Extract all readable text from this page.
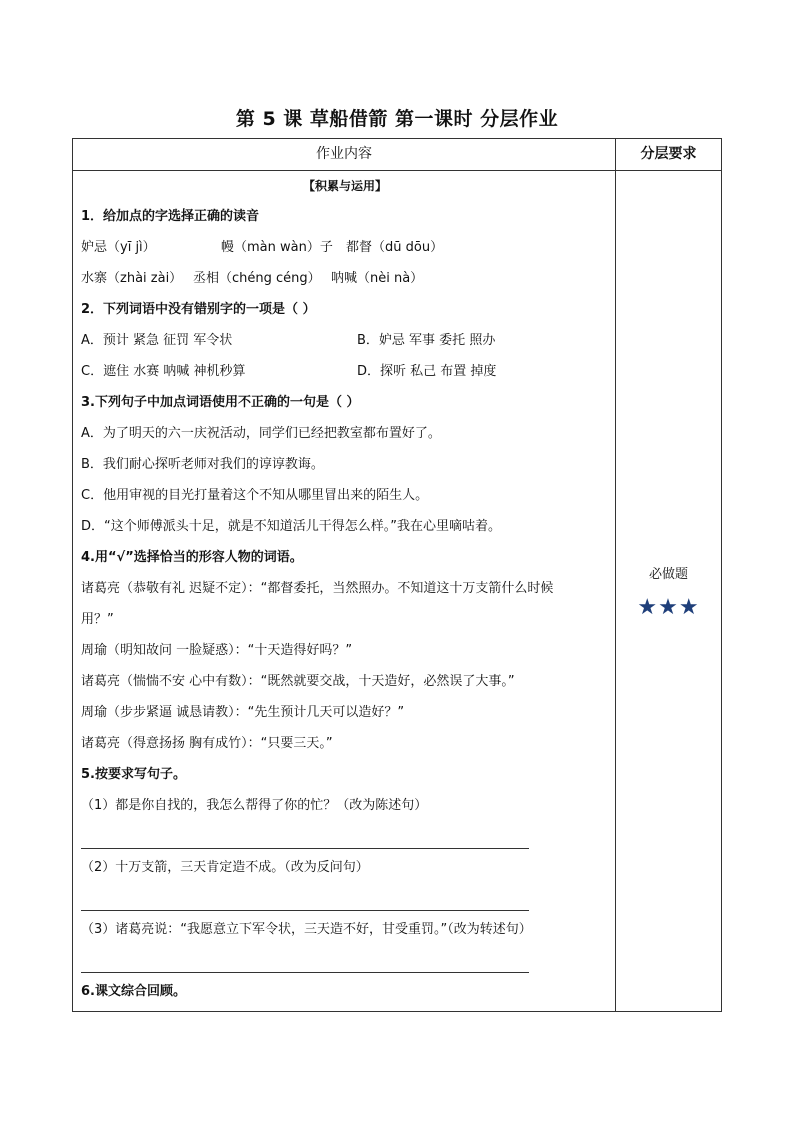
第 5 课 草船借箭 第一课时 分层作业
作业内容	分层要求
【积累与运用】
1．给加点的字选择正确的读音
妒忌（yī jì）	幔（màn wàn）子 都督（dū dōu）
水寨（zhài zài） 丞相（chéng céng） 呐喊（nèi nà）
2．下列词语中没有错别字的一项是（ ）
A．预计 紧急 征罚 军令状	B．妒忌 军事 委托 照办
C．遮住 水赛 呐喊 神机秒算	D．探听 私己 布置 掉度
3.下列句子中加点词语使用不正确的一句是（ ）
A．为了明天的六一庆祝活动，同学们已经把教室都布置好了。
B．我们耐心探听老师对我们的谆谆教诲。
C．他用审视的目光打量着这个不知从哪里冒出来的陌生人。
D．“这个师傅派头十足，就是不知道活儿干得怎么样。”我在心里嘀咕着。
4.用“√”选择恰当的形容人物的词语。
诸葛亮（恭敬有礼 迟疑不定）：“都督委托，当然照办。不知道这十万支箭什么时候
用？”
周瑜（明知故问 一脸疑惑）：“十天造得好吗？”
诸葛亮（惴惴不安 心中有数）：“既然就要交战，十天造好，必然误了大事。”
周瑜（步步紧逼 诚恳请教）：“先生预计几天可以造好？”
诸葛亮（得意扬扬 胸有成竹）：“只要三天。”
5.按要求写句子。
（1）都是你自找的，我怎么帮得了你的忙？（改为陈述句）
（2）十万支箭，三天肯定造不成。（改为反问句）
（3）诸葛亮说：“我愿意立下军令状，三天造不好，甘受重罚。”（改为转述句）
6.课文综合回顾。
必做题
★★★
